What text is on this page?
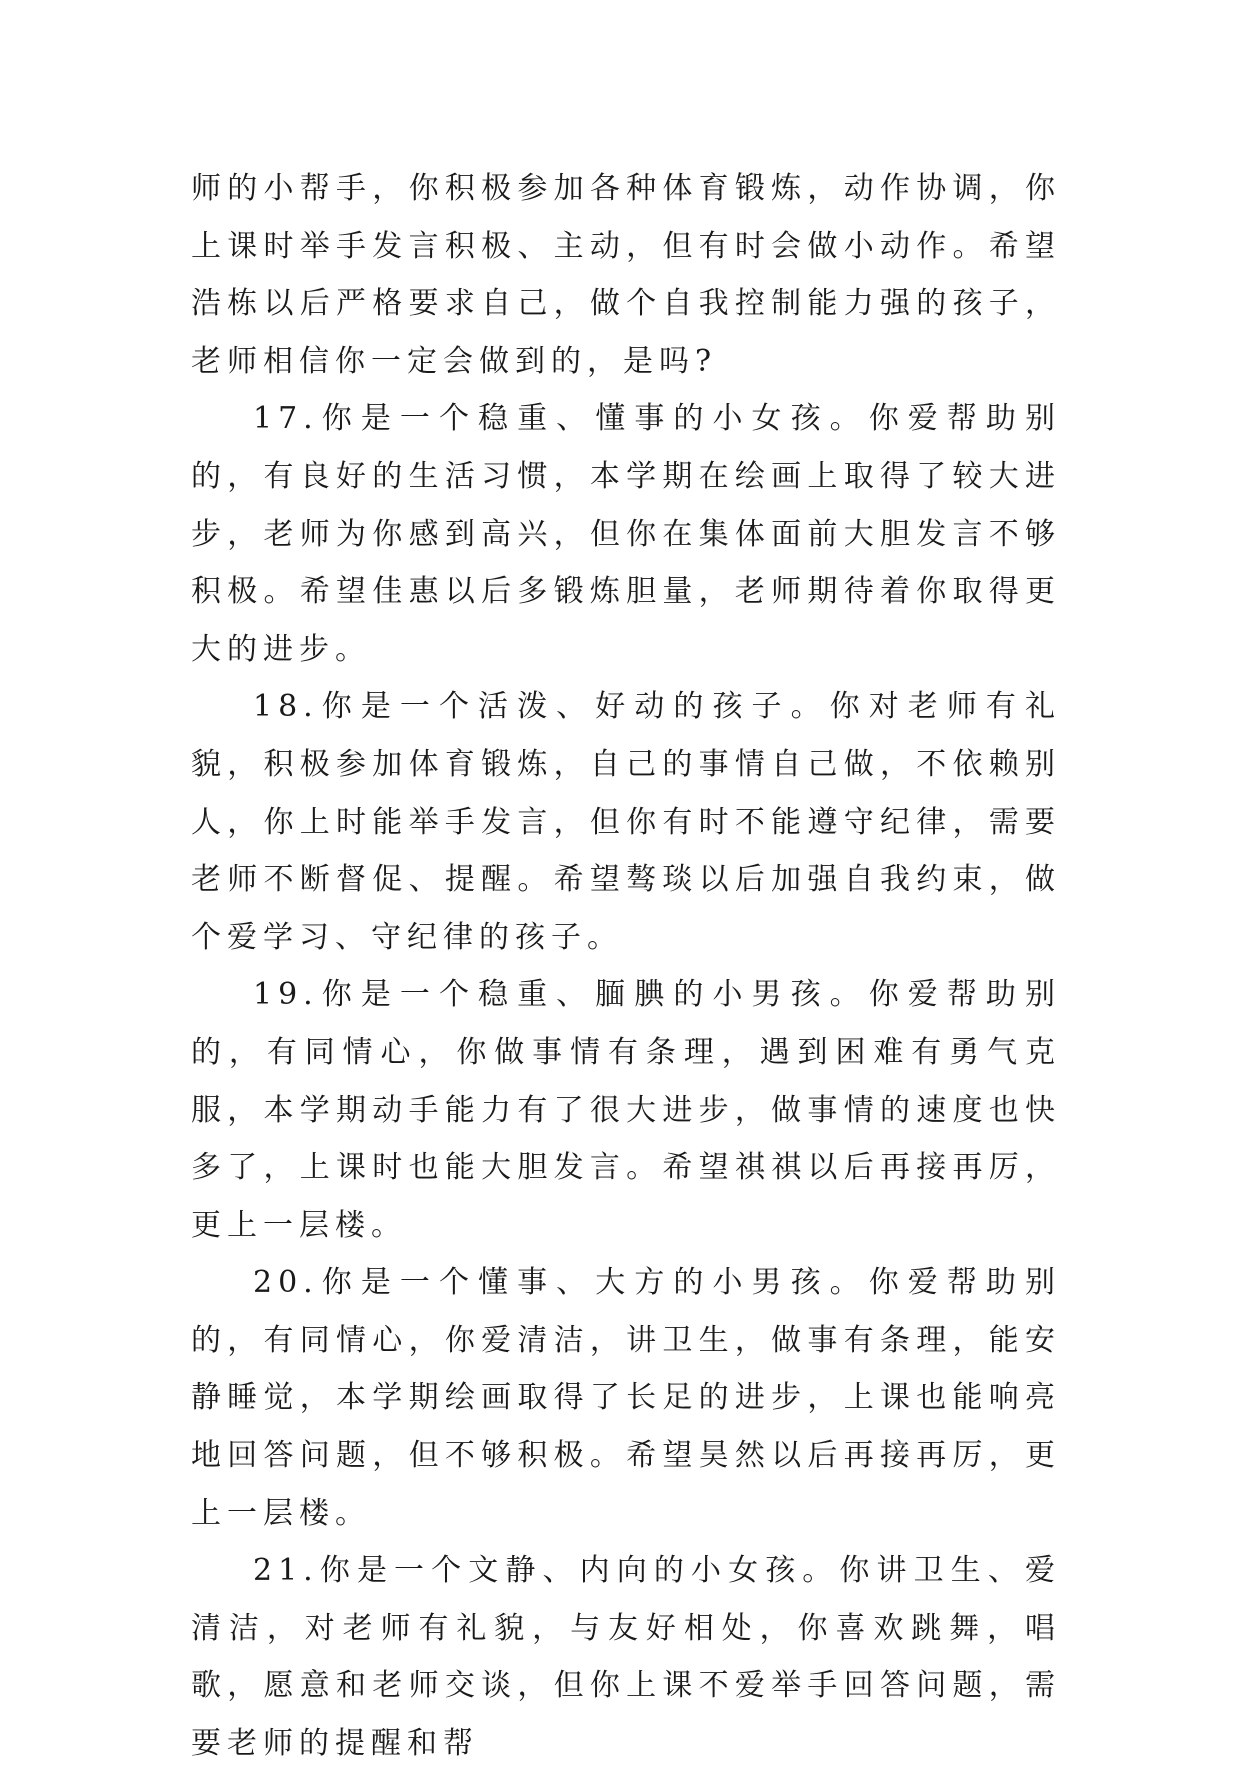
师的小帮手，你积极参加各种体育锻炼，动作协调，你上课时举手发言积极、主动，但有时会做小动作。希望浩栋以后严格要求自己，做个自我控制能力强的孩子，老师相信你一定会做到的，是吗?

17.你是一个稳重、懂事的小女孩。你爱帮助别的，有良好的生活习惯，本学期在绘画上取得了较大进步，老师为你感到高兴，但你在集体面前大胆发言不够积极。希望佳惠以后多锻炼胆量，老师期待着你取得更大的进步。

18.你是一个活泼、好动的孩子。你对老师有礼貌，积极参加体育锻炼，自己的事情自己做，不依赖别人，你上时能举手发言，但你有时不能遵守纪律，需要老师不断督促、提醒。希望骜琰以后加强自我约束，做个爱学习、守纪律的孩子。

19.你是一个稳重、腼腆的小男孩。你爱帮助别的，有同情心，你做事情有条理，遇到困难有勇气克服，本学期动手能力有了很大进步，做事情的速度也快多了，上课时也能大胆发言。希望祺祺以后再接再厉，更上一层楼。

20.你是一个懂事、大方的小男孩。你爱帮助别的，有同情心，你爱清洁，讲卫生，做事有条理，能安静睡觉，本学期绘画取得了长足的进步，上课也能响亮地回答问题，但不够积极。希望昊然以后再接再厉，更上一层楼。

21.你是一个文静、内向的小女孩。你讲卫生、爱清洁，对老师有礼貌，与友好相处，你喜欢跳舞，唱歌，愿意和老师交谈，但你上课不爱举手回答问题，需要老师的提醒和帮
